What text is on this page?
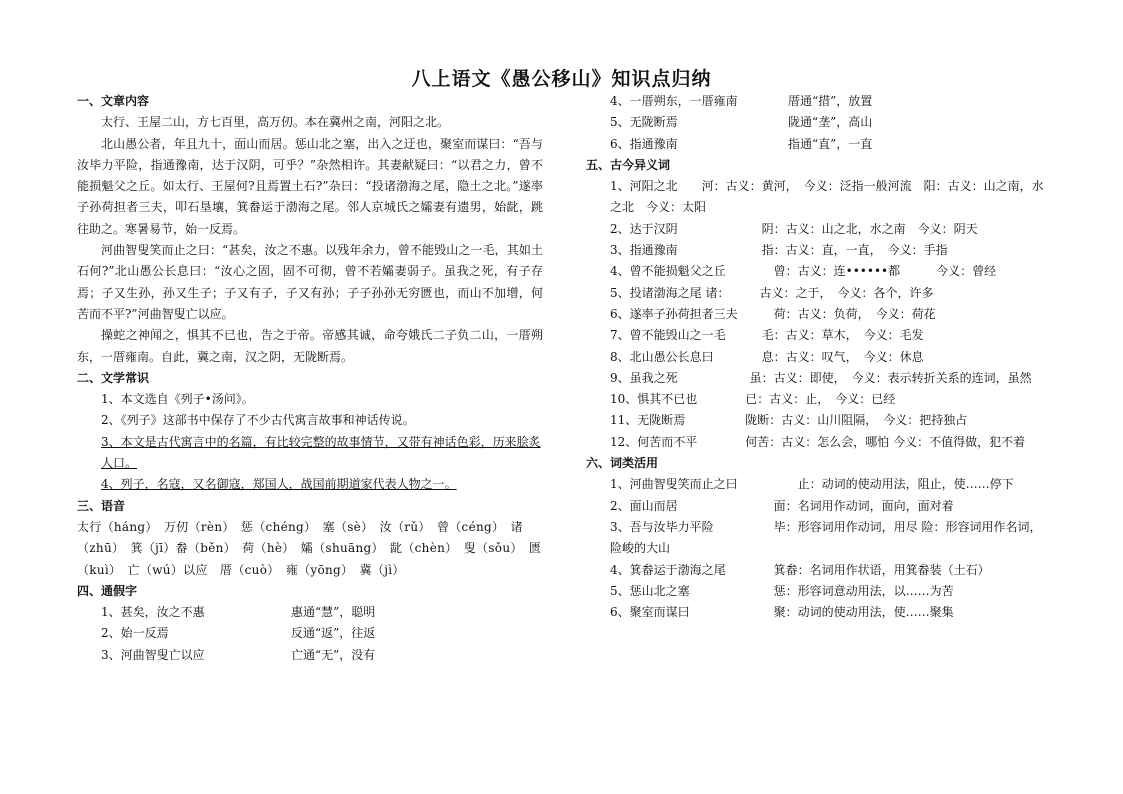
八上语文《愚公移山》知识点归纳
一、文章内容
太行、王屋二山，方七百里，高万仞。本在冀州之南，河阳之北。
北山愚公者，年且九十，面山而居。惩山北之塞，出入之迂也，聚室而谋曰：“吾与汝毕力平险，指通豫南，达于汉阴，可乎？”杂然相许。其妻献疑曰：“以君之力，曾不能损魁父之丘。如太行、王屋何?且焉置土石?”杂曰：“投诸渤海之尾，隐土之北。”遂率子孙荷担者三夫，叩石垦壤，箕畚运于渤海之尾。邻人京城氏之孀妻有遗男，始龀，跳往助之。寒暑易节，始一反焉。
河曲智叟笑而止之曰：“甚矣，汝之不惠。以残年余力，曾不能毁山之一毛，其如土石何?”北山愚公长息曰：“汝心之固，固不可彻，曾不若孀妻弱子。虽我之死，有子存焉；子又生孙，孙又生子；子又有子，子又有孙；子子孙孙无穷匮也，而山不加增，何苦而不平?”河曲智叟亡以应。
操蛇之神闻之，惧其不已也，告之于帝。帝感其诚，命夸娥氏二子负二山，一厝朔东，一厝雍南。自此，冀之南，汉之阴，无陇断焉。
二、文学常识
1、本文选自《列子•汤问》。
2、《列子》这部书中保存了不少古代寓言故事和神话传说。
3、本文是古代寓言中的名篇，有比较完整的故事情节，又带有神话色彩，历来脍炙人口。
4、列子，名寇，又名御寇，郑国人，战国前期道家代表人物之一。
三、语音
太行（háng）　万仞（rèn）　惩（chéng）　塞（sè）　汝（rǔ）　曾（céng）　诸（zhū）　箕（jī）畚（běn）　荷（hè）　孀（shuāng）　龀（chèn）　叟（sǒu）　匮（kuì）　亡（wú）以应　厝（cuò）　雍（yōng）　冀（jì）
四、通假字
1、甚矣，汝之不惠	惠通“慧”，聪明
2、始一反焉	反通“返”，往返
3、河曲智叟亡以应	亡通“无”，没有
4、一厝朔东，一厝雍南	厝通“措”，放置
5、无陇断焉	陇通“垄”，高山
6、指通豫南	指通“直”，一直
五、古今异义词
1、河阳之北　　河：古义：黄河，　今义：泛指一般河流　阳：古义：山之南，水之北　今义：太阳
2、达于汉阴　　　　　　　阴：古义：山之北，水之南　今义：阴天
3、指通豫南　　　　　　　指：古义：直，一直，　今义：手指
4、曾不能损魁父之丘　　　　曾：古义：连••••••都　　　今义：曾经
5、投诸渤海之尾 诸：　　　古义：之于，　今义：各个，许多
6、遂率子孙荷担者三夫　　　荷：古义：负荷，　今义：荷花
7、曾不能毁山之一毛　　　毛：古义：草木，　今义：毛发
8、北山愚公长息曰　　　　息：古义：叹气，　今义：休息
9、虽我之死　　　　　　虽：古义：即使，　今义：表示转折关系的连词，虽然
10、惧其不已也　　　　已：古义：止，　今义：已经
11、无陇断焉　　　　　陇断：古义：山川阻隔，　今义：把持独占
12、何苦而不平　　　　何苦：古义：怎么会，哪怕 今义：不值得做，犯不着
六、词类活用
1、河曲智叟笑而止之曰　　　　　止：动词的使动用法，阻止，使……停下
2、面山而居　　　　　　　　面：名词用作动词，面向，面对着
3、吾与汝毕力平险　　　　　毕：形容词用作动词，用尽 险：形容词用作名词，险峻的大山
4、箕畚运于渤海之尾　　　　箕畚：名词用作状语，用箕畚装（土石）
5、惩山北之塞　　　　　　　惩：形容词意动用法，以……为苦
6、聚室而谋曰　　　　　　　聚：动词的使动用法，使……聚集
